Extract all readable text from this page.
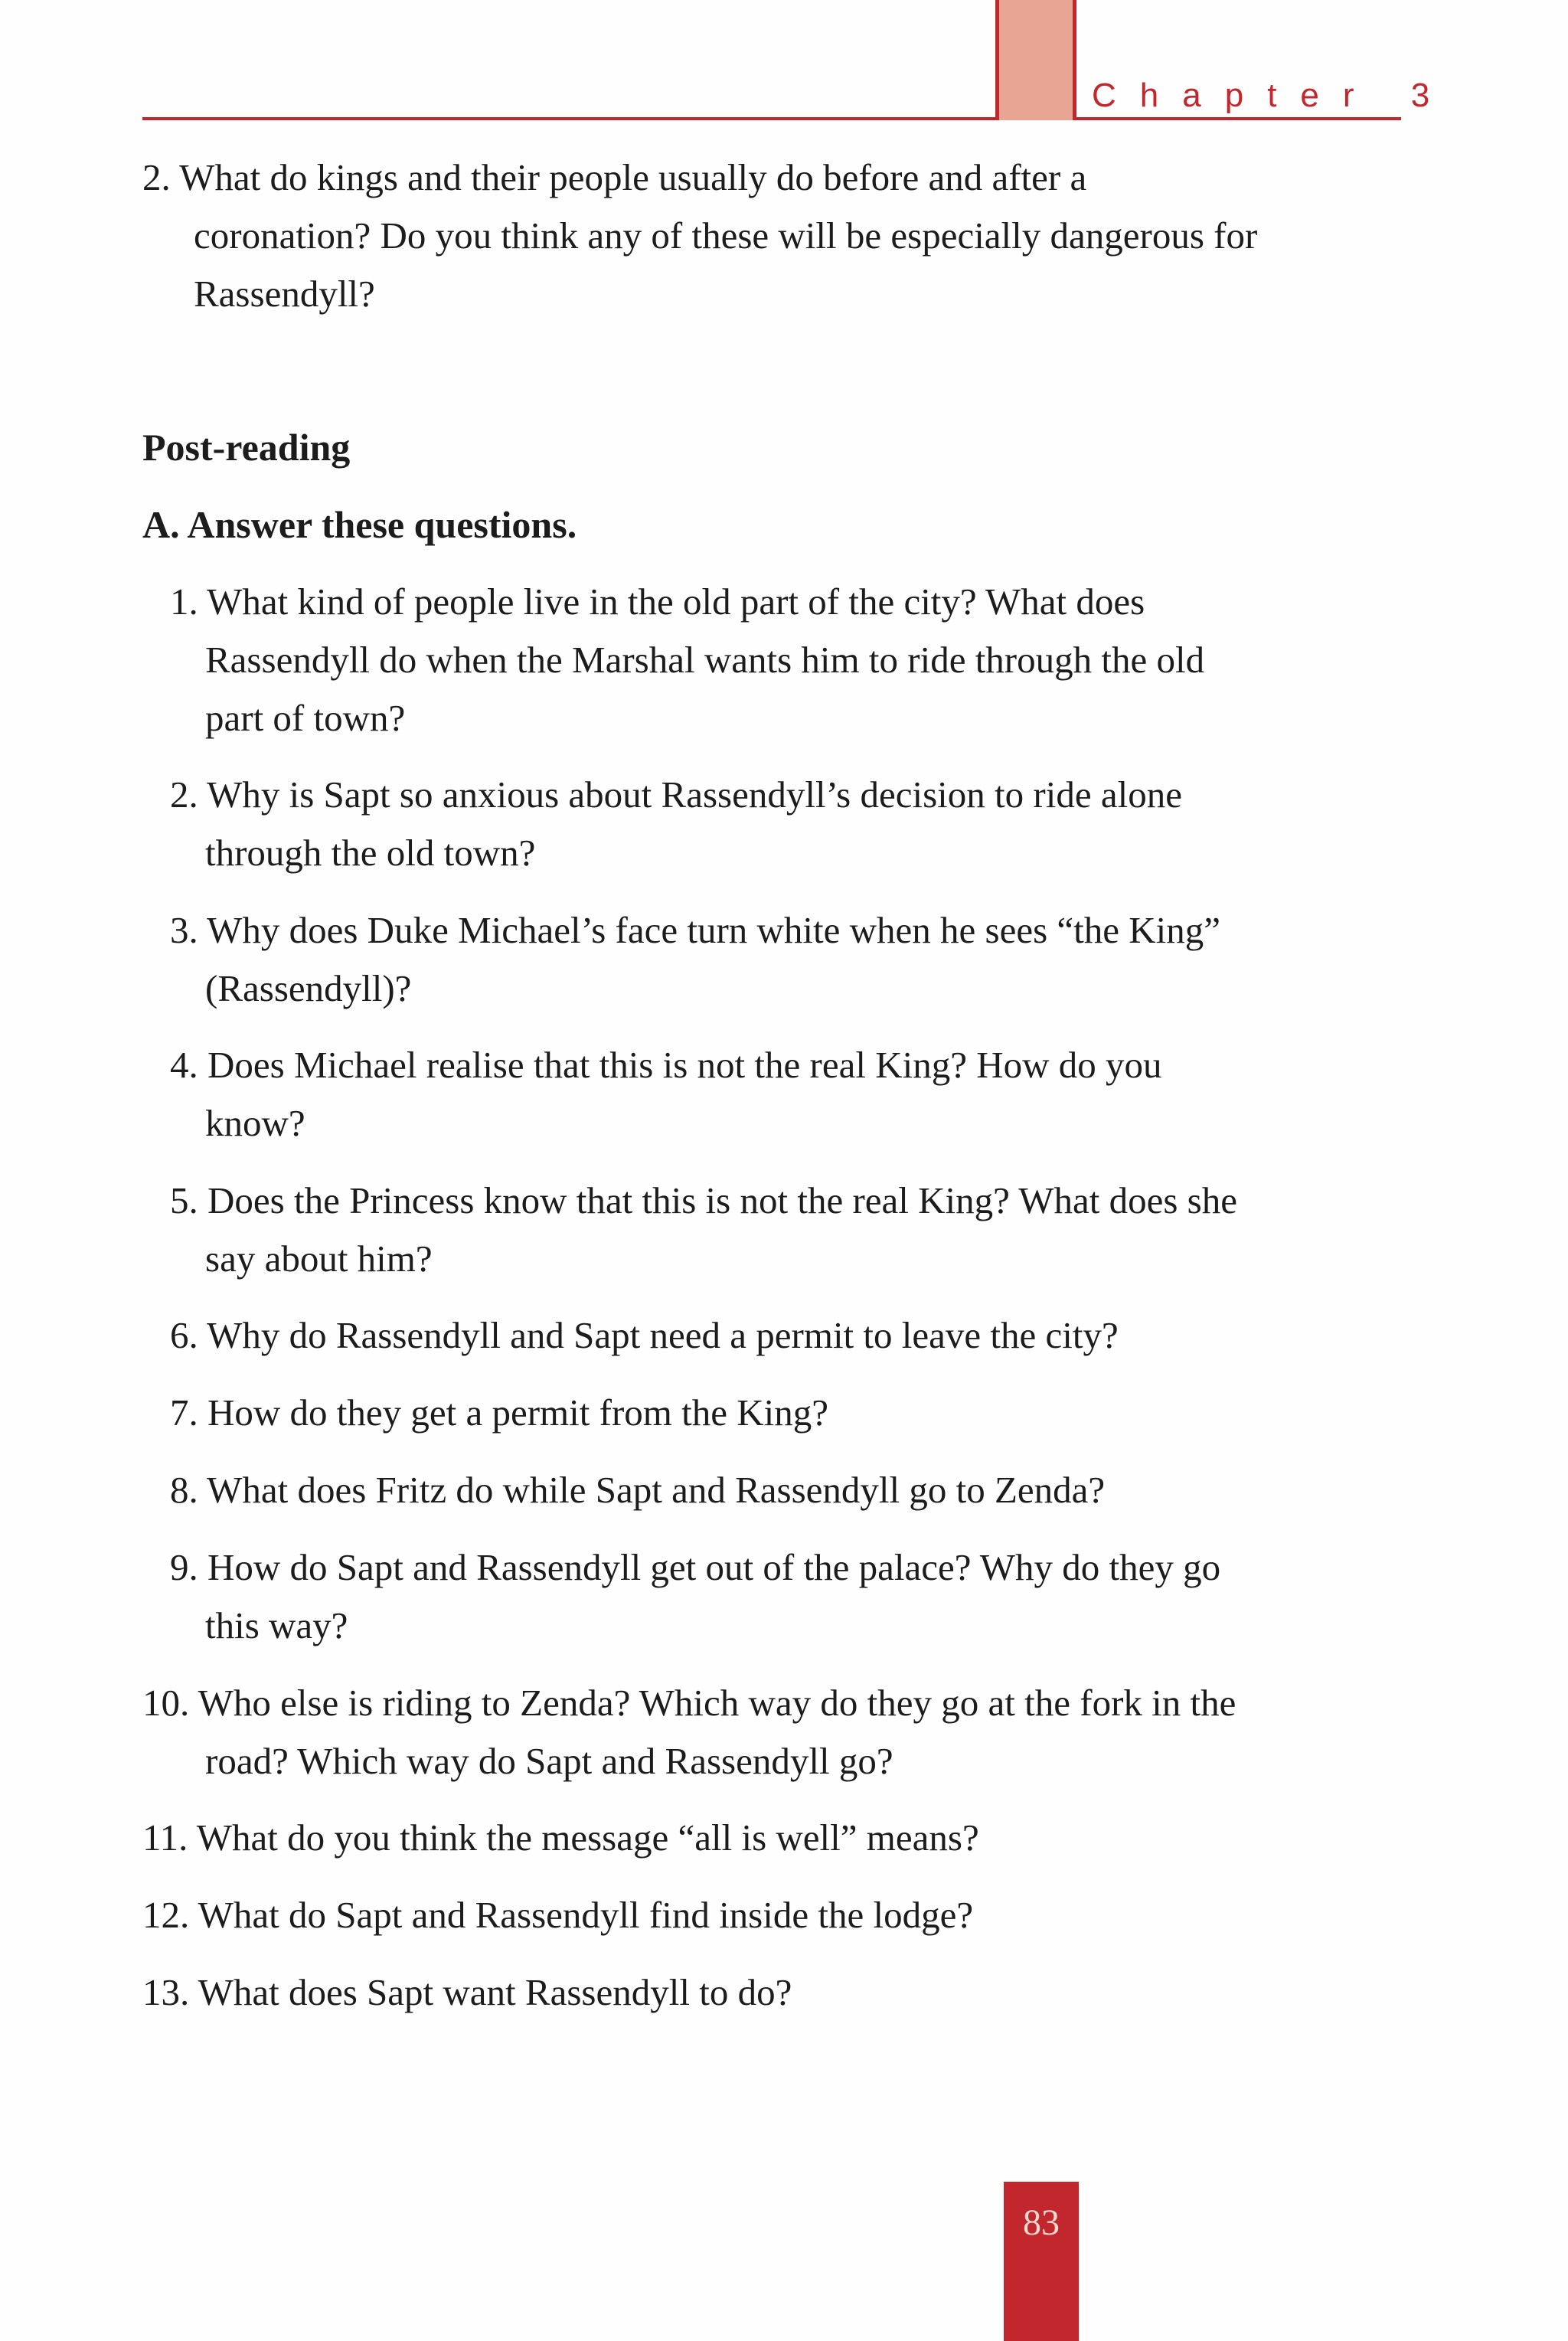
Chapter 3
2. What do kings and their people usually do before and after a
coronation? Do you think any of these will be especially dangerous for
Rassendyll?
Post-reading
A. Answer these questions.
1. What kind of people live in the old part of the city? What does
Rassendyll do when the Marshal wants him to ride through the old
part of town?
2. Why is Sapt so anxious about Rassendyll’s decision to ride alone
through the old town?
3. Why does Duke Michael’s face turn white when he sees “the King”
(Rassendyll)?
4. Does Michael realise that this is not the real King? How do you
know?
5. Does the Princess know that this is not the real King? What does she
say about him?
6. Why do Rassendyll and Sapt need a permit to leave the city?
7. How do they get a permit from the King?
8. What does Fritz do while Sapt and Rassendyll go to Zenda?
9. How do Sapt and Rassendyll get out of the palace? Why do they go
this way?
10. Who else is riding to Zenda? Which way do they go at the fork in the
road? Which way do Sapt and Rassendyll go?
11. What do you think the message “all is well” means?
12. What do Sapt and Rassendyll find inside the lodge?
13. What does Sapt want Rassendyll to do?
83
